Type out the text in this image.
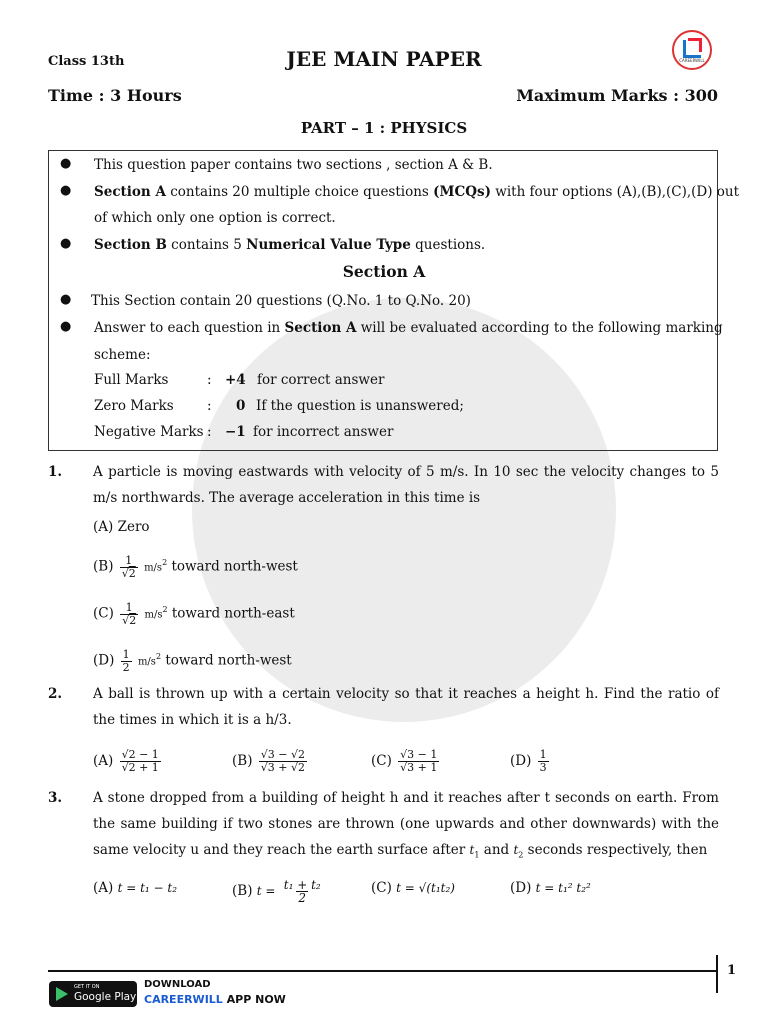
Class 13th	JEE MAIN PAPER	CAREERWILL
Time : 3 Hours	Maximum Marks : 300
PART – 1 : PHYSICS
● This question paper contains two sections , section A & B.
● Section A contains 20 multiple choice questions (MCQs) with four options (A),(B),(C),(D) out
of which only one option is correct.
● Section B contains 5 Numerical Value Type questions.
Section A
● This Section contain 20 questions (Q.No. 1 to Q.No. 20)
● Answer to each question in Section A will be evaluated according to the following marking
scheme:
Full Marks	: +4 for correct answer
Zero Marks : 0 If the question is unanswered;
Negative Marks : −1 for incorrect answer
1. A particle is moving eastwards with velocity of 5 m/s. In 10 sec the velocity changes to 5 m/s northwards. The average acceleration in this time is
(A) Zero
$(B) \frac{1}{√2} m/s^2$ toward north-west
$(C) \frac{1}{√2} m/s^2$ toward north-east
$(D) \frac{1}{2} m/s^2$ toward north-west
2. A ball is thrown up with a certain velocity so that it reaches a height h. Find the ratio of the times in which it is a h/3.
$(A) \frac{√2 - 1}{√2 + 1}$	$(B) \frac{√3 - √2}{√3 + √2}$	$(C) \frac{√3 - 1}{√3 + 1}$	$(D) \frac{1}{3}$
3. A stone dropped from a building of height h and it reaches after t seconds on earth. From the same building if two stones are thrown (one upwards and other downwards) with the same velocity u and they reach the earth surface after $t_1$ and $t_2$ seconds respectively, then
(A) t = t₁ − t₂	(B) $t = \frac{\text{t₁ + t₂}}{2}$	(C) t = √(t₁t₂)	(D) t = t₁² t₂²
1
GET IT ON
Google Play
DOWNLOAD
CAREERWILL APP NOW
